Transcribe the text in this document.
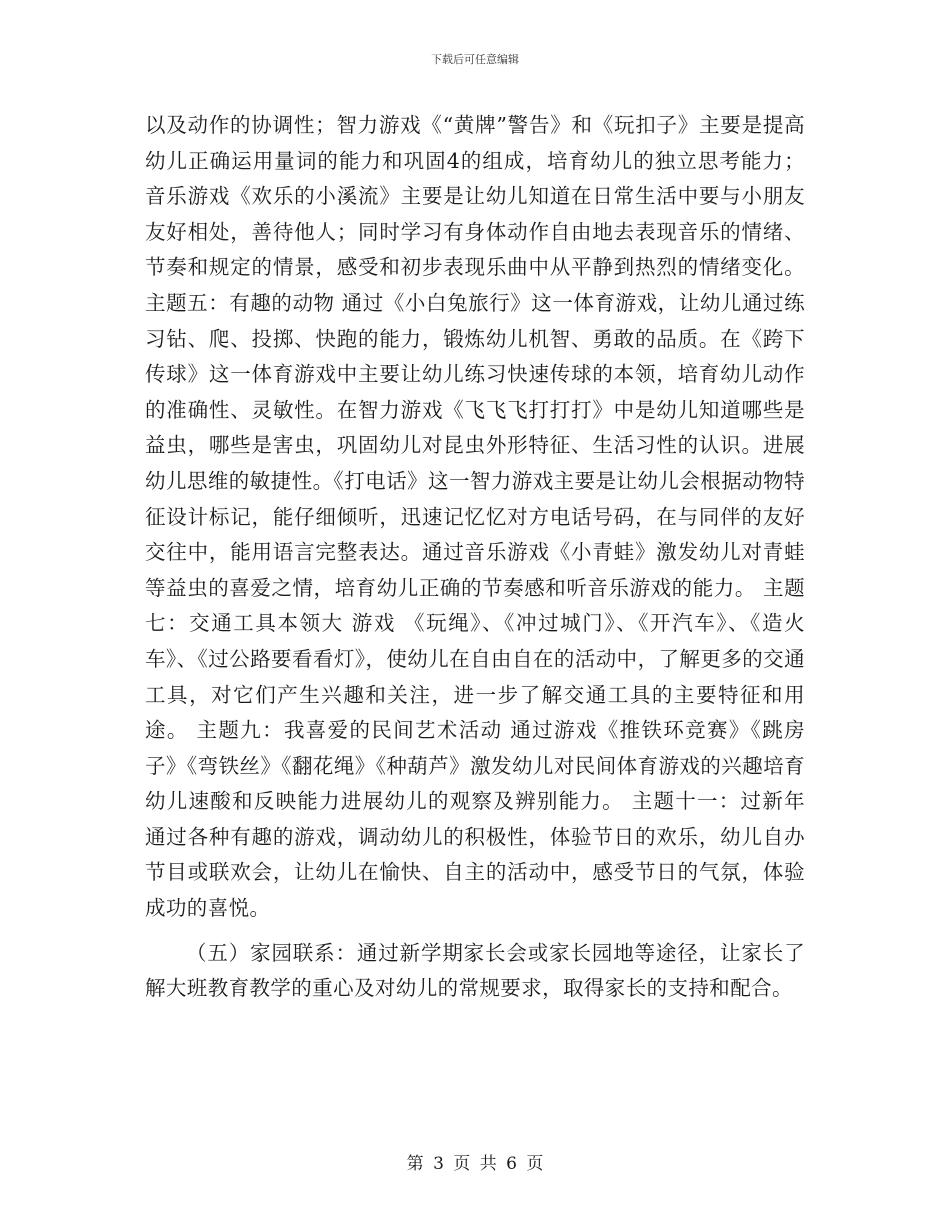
下载后可任意编辑

以及动作的协调性；智力游戏《“黄牌”警告》和《玩扣子》主要是提高幼儿正确运用量词的能力和巩固4的组成，培育幼儿的独立思考能力；音乐游戏《欢乐的小溪流》主要是让幼儿知道在日常生活中要与小朋友友好相处，善待他人；同时学习有身体动作自由地去表现音乐的情绪、节奏和规定的情景，感受和初步表现乐曲中从平静到热烈的情绪变化。 主题五：有趣的动物 通过《小白兔旅行》这一体育游戏，让幼儿通过练习钻、爬、投掷、快跑的能力，锻炼幼儿机智、勇敢的品质。在《跨下传球》这一体育游戏中主要让幼儿练习快速传球的本领，培育幼儿动作的准确性、灵敏性。在智力游戏《飞飞飞打打打》中是幼儿知道哪些是益虫，哪些是害虫，巩固幼儿对昆虫外形特征、生活习性的认识。进展幼儿思维的敏捷性。《打电话》这一智力游戏主要是让幼儿会根据动物特征设计标记，能仔细倾听，迅速记忆忆对方电话号码，在与同伴的友好交往中，能用语言完整表达。通过音乐游戏《小青蛙》激发幼儿对青蛙等益虫的喜爱之情，培育幼儿正确的节奏感和听音乐游戏的能力。 主题七：交通工具本领大 游戏 《玩绳》、《冲过城门》、《开汽车》、《造火车》、《过公路要看看灯》，使幼儿在自由自在的活动中，了解更多的交通工具，对它们产生兴趣和关注，进一步了解交通工具的主要特征和用途。 主题九：我喜爱的民间艺术活动 通过游戏《推铁环竞赛》《跳房子》《弯铁丝》《翻花绳》《种葫芦》激发幼儿对民间体育游戏的兴趣培育幼儿速酸和反映能力进展幼儿的观察及辨别能力。 主题十一：过新年 通过各种有趣的游戏，调动幼儿的积极性，体验节日的欢乐，幼儿自办节目或联欢会，让幼儿在愉快、自主的活动中，感受节日的气氛，体验成功的喜悦。

（五）家园联系：通过新学期家长会或家长园地等途径，让家长了解大班教育教学的重心及对幼儿的常规要求，取得家长的支持和配合。

第 3 页 共 6 页
